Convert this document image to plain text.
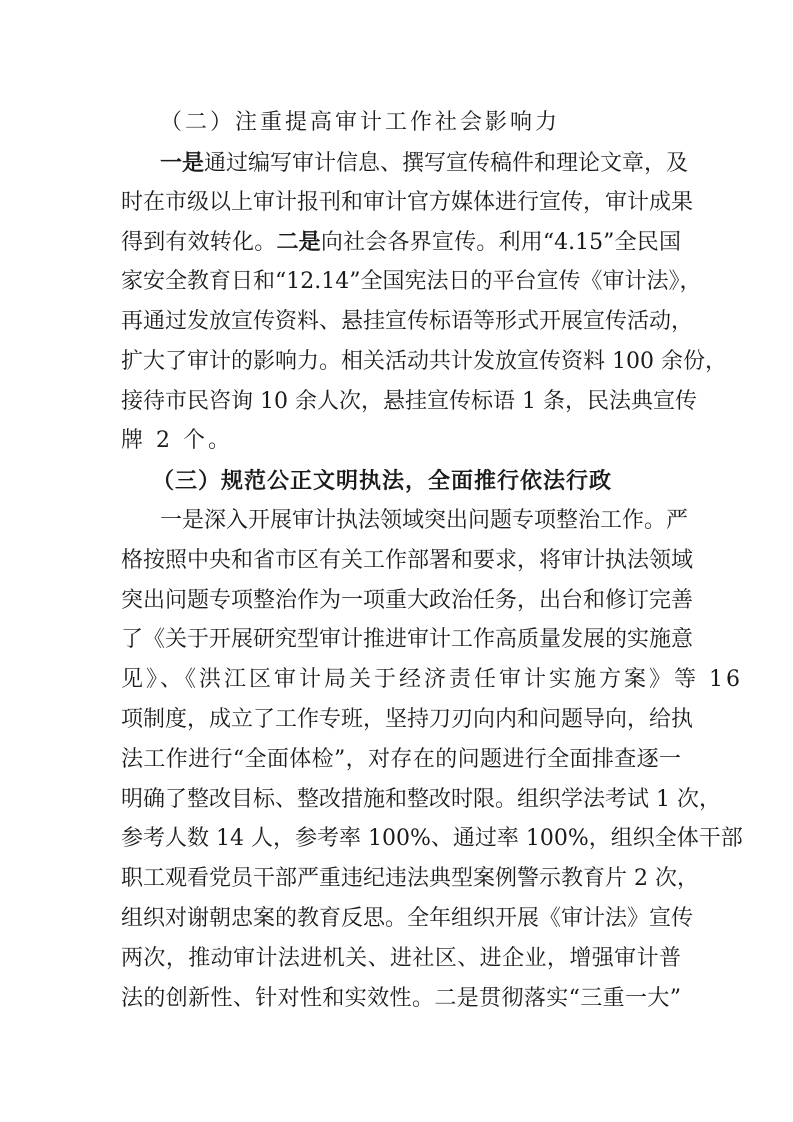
（二）注重提高审计工作社会影响力
一是通过编写审计信息、撰写宣传稿件和理论文章，及
时在市级以上审计报刊和审计官方媒体进行宣传，审计成果
得到有效转化。二是向社会各界宣传。利用“4.15”全民国
家安全教育日和“12.14”全国宪法日的平台宣传《审计法》，
再通过发放宣传资料、悬挂宣传标语等形式开展宣传活动，
扩大了审计的影响力。相关活动共计发放宣传资料 100 余份，
接待市民咨询 10 余人次，悬挂宣传标语 1 条，民法典宣传
牌 2 个。
（三）规范公正文明执法，全面推行依法行政
一是深入开展审计执法领域突出问题专项整治工作。严
格按照中央和省市区有关工作部署和要求，将审计执法领域
突出问题专项整治作为一项重大政治任务，出台和修订完善
了《关于开展研究型审计推进审计工作高质量发展的实施意
见》、《洪江区审计局关于经济责任审计实施方案》等 16
项制度，成立了工作专班，坚持刀刃向内和问题导向，给执
法工作进行“全面体检”，对存在的问题进行全面排查逐一
明确了整改目标、整改措施和整改时限。组织学法考试 1 次，
参考人数 14 人，参考率 100%、通过率 100%，组织全体干部
职工观看党员干部严重违纪违法典型案例警示教育片 2 次，
组织对谢朝忠案的教育反思。全年组织开展《审计法》宣传
两次，推动审计法进机关、进社区、进企业，增强审计普
法的创新性、针对性和实效性。二是贯彻落实“三重一大”
